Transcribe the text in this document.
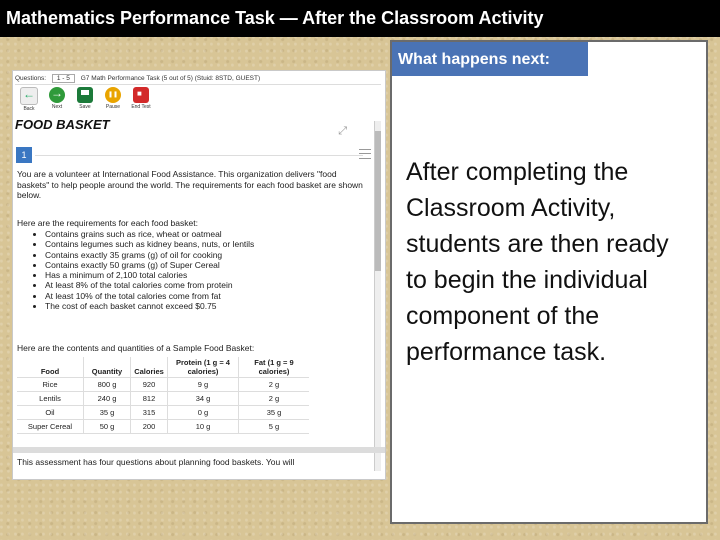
Mathematics Performance Task — After the Classroom Activity
Questions: 1 - 5 G7 Math Performance Task (5 out of 5) (Stuid: 8STD, GUEST)
←
Back
→	Next	Save
❚❚	Pause
■	End Test
FOOD BASKET	⤢
1
You are a volunteer at International Food Assistance. This organization delivers "food baskets" to help people around the world. The requirements for each food basket are shown below.
Here are the requirements for each food basket:
• Contains grains such as rice, wheat or oatmeal
• Contains legumes such as kidney beans, nuts, or lentils
• Contains exactly 35 grams (g) of oil for cooking
• Contains exactly 50 grams (g) of Super Cereal
• Has a minimum of 2,100 total calories
• At least 8% of the total calories come from protein
• At least 10% of the total calories come from fat
• The cost of each basket cannot exceed $0.75
Here are the contents and quantities of a Sample Food Basket:
Food	Quantity	Calories	Protein (1 g = 4 calories)	Fat (1 g = 9 calories)
Rice	800 g	920	9 g	2 g
Lentils	240 g	812	34 g	2 g
Oil	35 g	315	0 g	35 g
Super Cereal	50 g	200	10 g	5 g
This assessment has four questions about planning food baskets. You will
What happens next:
After completing the Classroom Activity, students are then ready to begin the individual component of the performance task.
